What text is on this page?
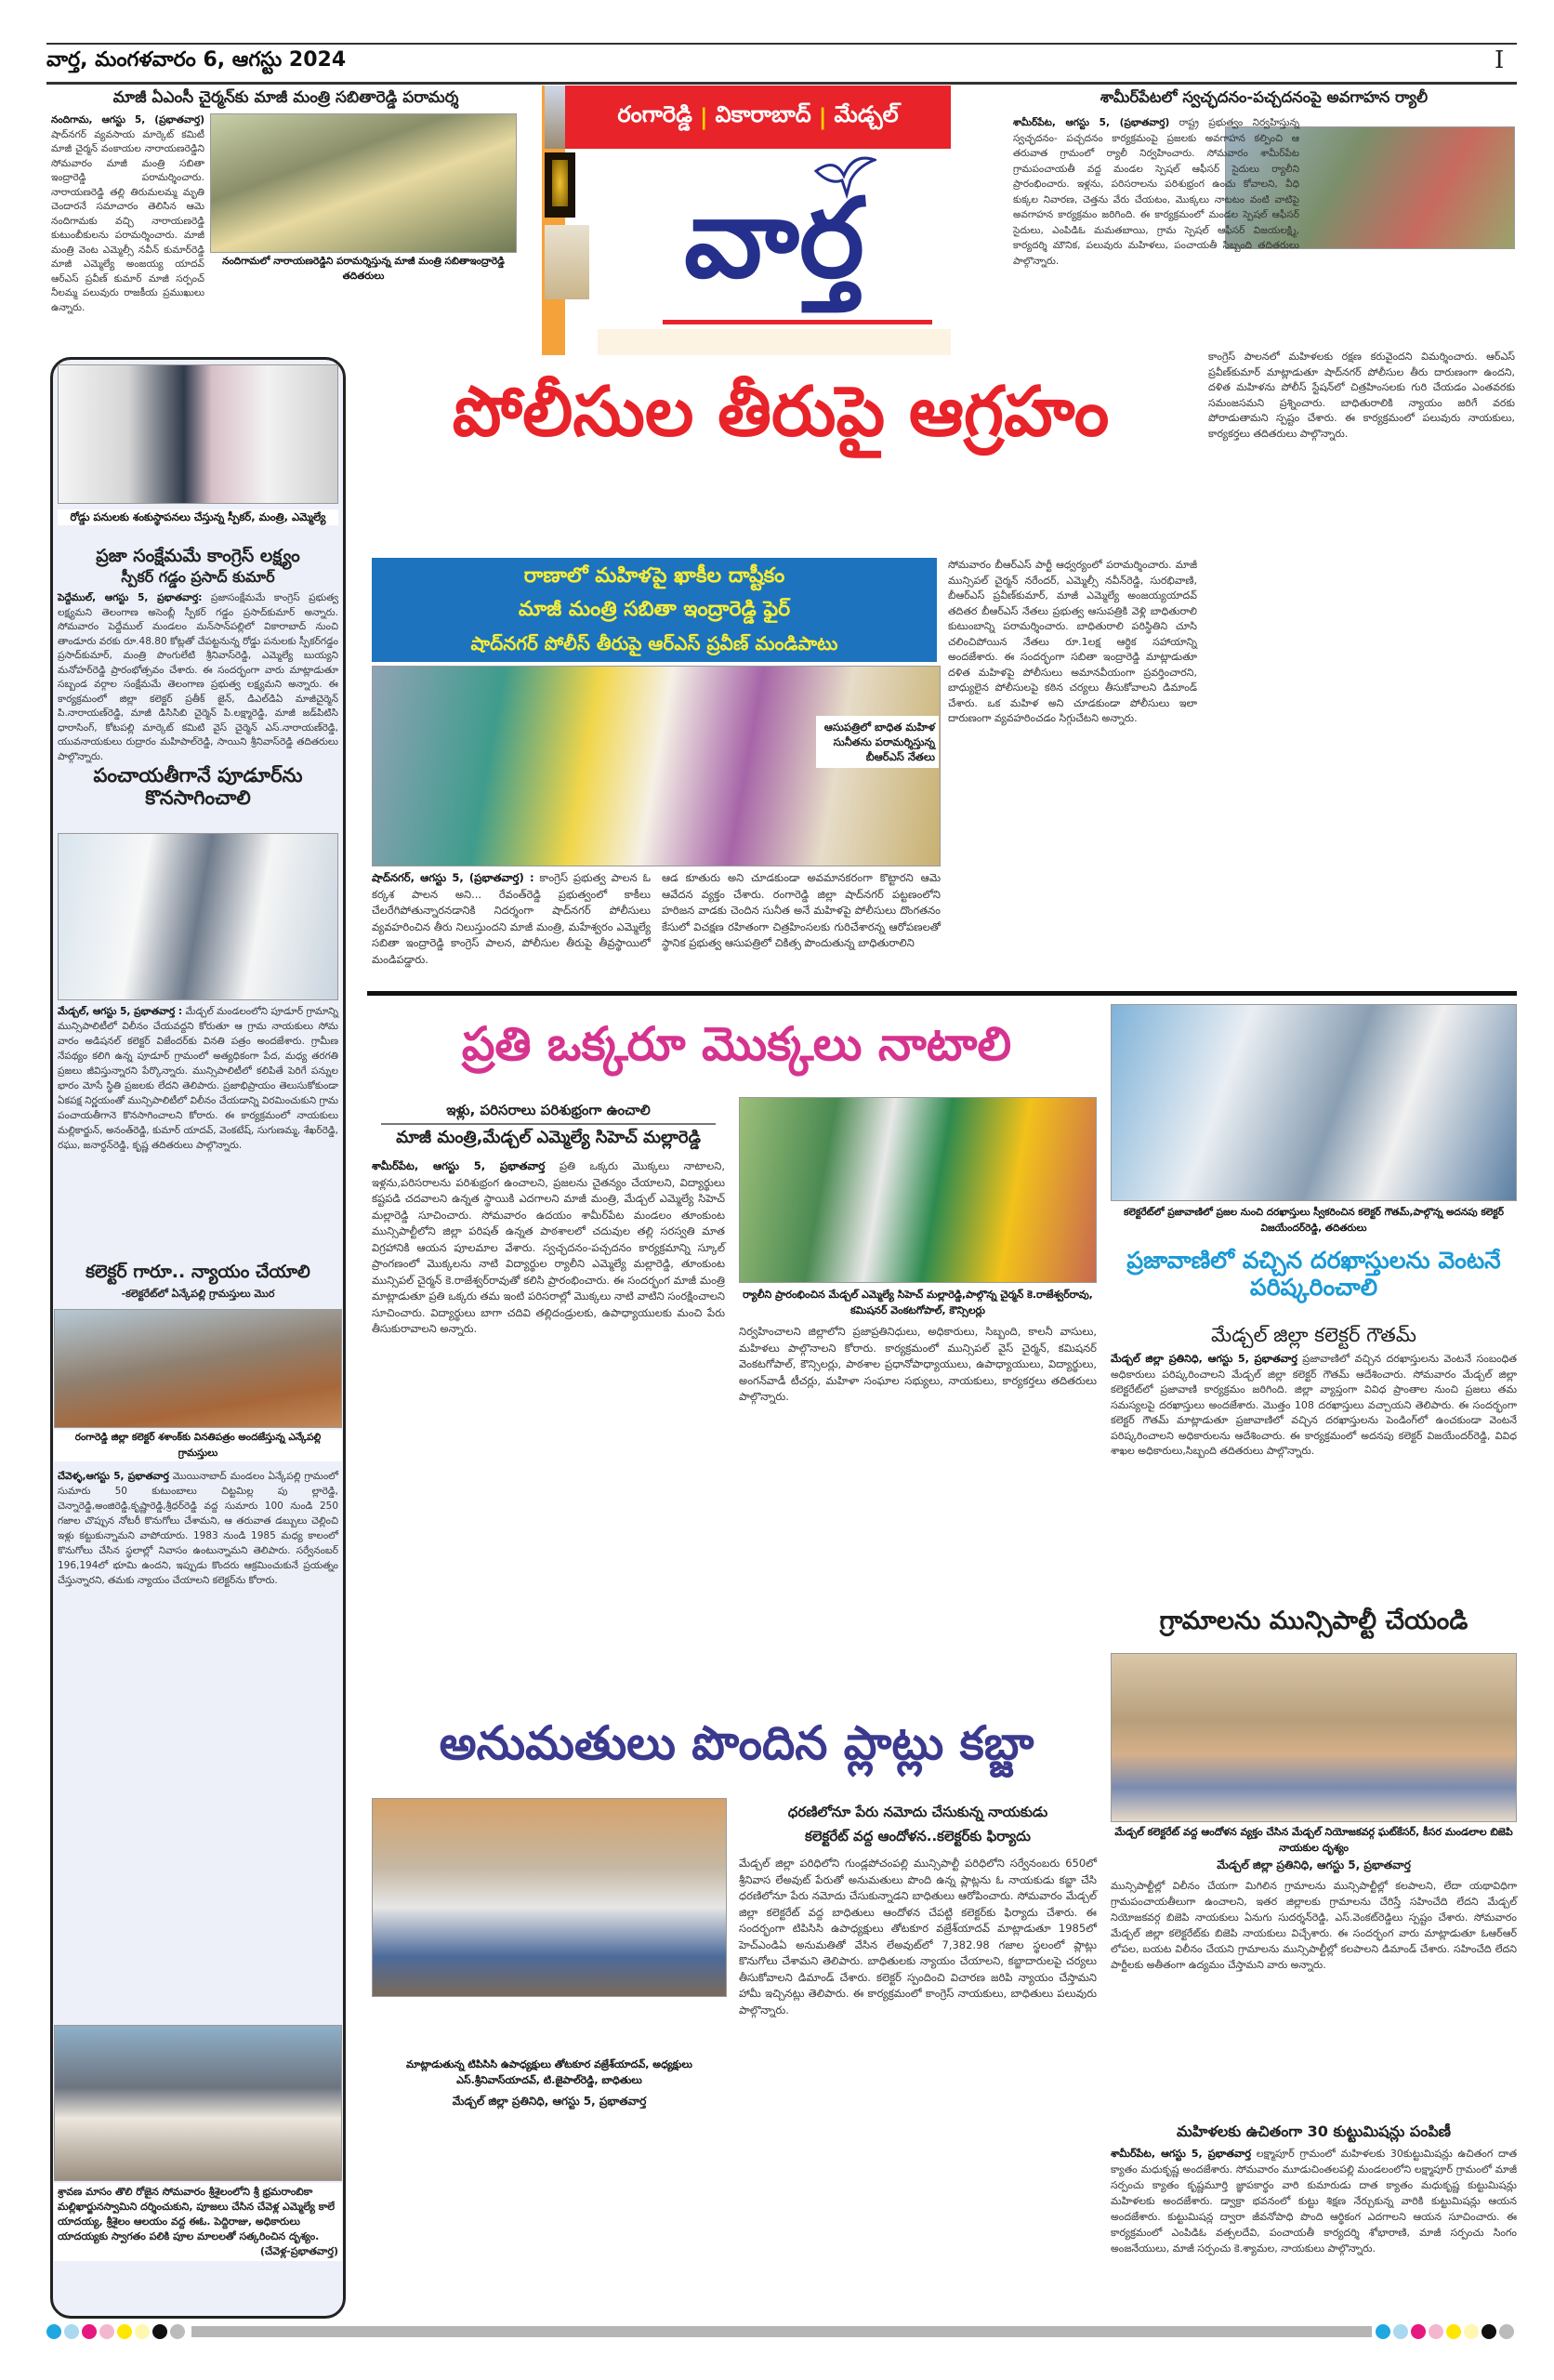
వార్త, మంగళవారం 6, ఆగస్టు 2024	I
మాజీ ఏఎంసీ చైర్మన్‌కు మాజీ మంత్రి సబితారెడ్డి పరామర్శ
నందిగామలో నారాయణరెడ్డిని పరామర్శిస్తున్న మాజీ మంత్రి సబితాఇంద్రారెడ్డి తదితరులు
నందిగామ, ఆగస్టు 5, (ప్రభాతవార్త) షాద్‌నగర్ వ్యవసాయ మార్కెట్ కమిటీ మాజీ చైర్మన్ వంకాయల నారాయణరెడ్డిని సోమవారం మాజీ మంత్రి సబితా ఇంద్రారెడ్డి పరామర్శించారు. నారాయణరెడ్డి తల్లి తిరుమలమ్మ మృతి చెందారనే సమాచారం తెలిసిన ఆమె నందిగామకు వచ్చి నారాయణరెడ్డి కుటుంబీకులను పరామర్శించారు. మాజీ మంత్రి వెంట ఎమ్మెల్సీ నవీన్ కుమార్‌రెడ్డి మాజీ ఎమ్మెల్యే అంజయ్య యాదవ్ ఆర్‌ఎస్ ప్రవీణ్ కుమార్ మాజీ సర్పంచ్ నీలమ్మ పలువురు రాజకీయ ప్రముఖులు ఉన్నారు.
రంగారెడ్డి | వికారాబాద్ | మేడ్చల్
వార్త
శామీర్‌పేటలో స్వచ్ఛదనం-పచ్చదనంపై అవగాహన ర్యాలీ
శామీర్‌పేట, ఆగస్టు 5, (ప్రభాతవార్త) రాష్ట్ర ప్రభుత్వం నిర్వహిస్తున్న స్వచ్ఛదనం- పచ్చదనం కార్యక్రమంపై ప్రజలకు అవగాహన కల్పించి ఆ తరువాత గ్రామంలో ర్యాలీ నిర్వహించారు. సోమవారం శామీర్‌పేట గ్రామపంచాయతీ వద్ద మండల స్పెషల్ ఆఫీసర్ సైదులు ర్యాలీని ప్రారంభించారు. ఇళ్లను, పరిసరాలను పరిశుభ్రంగ ఉంచు కోవాలని, వీధి కుక్కల నివారణ, చెత్తను వేరు చేయటం, మొక్కలు నాటటం వంటి వాటిపై అవగాహన కార్యక్రమం జరిగింది. ఈ కార్యక్రమంలో మండల స్పెషల్ ఆఫీసర్ సైదులు, ఎంపిడిఓ మమతబాయి, గ్రామ స్పెషల్ ఆఫీసర్ విజయలక్ష్మి, కార్యదర్శి మౌనిక, పలువురు మహిళలు, పంచాయతీ సిబ్బంది తదితరులు పాల్గొన్నారు.
రోడ్డు పనులకు శంకుస్థాపనలు చేస్తున్న స్పీకర్, మంత్రి, ఎమ్మెల్యే
ప్రజా సంక్షేమమే కాంగ్రెస్ లక్ష్యం
స్పీకర్ గడ్డం ప్రసాద్ కుమార్
పెద్దేముల్, ఆగస్టు 5, ప్రభాతవార్త: ప్రజాసంక్షేమమే కాంగ్రెస్ ప్రభుత్వ లక్ష్యమని తెలంగాణ అసెంబ్లీ స్పీకర్ గడ్డం ప్రసాద్‌కుమార్ అన్నారు. సోమవారం పెద్దేముల్ మండలం మన్‌సాన్‌పల్లిలో వికారాబాద్ నుంచి తాండూరు వరకు రూ.48.80 కోట్లతో చేపట్టనున్న రోడ్డు పనులకు స్పీకర్‌గడ్డం ప్రసాద్‌కుమార్, మంత్రి పొంగులేటి శ్రీనివాస్‌రెడ్డి, ఎమ్మెల్యే బుయ్యని మనోహర్‌రెడ్డి ప్రారంభోత్సవం చేశారు. ఈ సందర్భంగా వారు మాట్లాడుతూ సబ్బండ వర్గాల సంక్షేమమే తెలంగాణ ప్రభుత్వ లక్ష్యమని అన్నారు. ఈ కార్యక్రమంలో జిల్లా కలెక్టర్ ప్రతీక్ జైన్, డిఎల్‌డిఏ మాజీచైర్మెన్ పి.నారాయణ్‌రెడ్డి, మాజీ డిసిసిబి చైర్మెన్ పి.లక్ష్మారెడ్డి, మాజీ జడ్‌పిటిసి ధారాసింగ్, కోటపల్లి మార్కెట్ కమిటి వైస్ చైర్మెన్ ఎస్.నారాయణ్‌రెడ్డి, యువనాయకులు రుద్రారం మహిపాల్‌రెడ్డి, సాయిని శ్రీనివాస్‌రెడ్డి తదితరులు పాల్గొన్నారు.
పంచాయతీగానే పూడూర్‌ను కొనసాగించాలి
మేడ్చల్, ఆగస్టు 5, ప్రభాతవార్త : మేడ్చల్ మండలంలోని పూడూర్ గ్రామాన్ని మున్సిపాలిటీలో విలీనం చేయవద్దని కోరుతూ ఆ గ్రామ నాయకులు సోమ వారం అడిషనల్ కలెక్టర్ విజేందర్‌కు వినతి పత్రం అందజేశారు. గ్రామీణ నేపథ్యం కలిగి ఉన్న పూడూర్ గ్రామంలో అత్యధికంగా పేద, మధ్య తరగతి ప్రజలు జీవిస్తున్నారని పేర్కొన్నారు. మున్సిపాలిటీలో కలిపితే పెరిగే పన్నుల భారం మోసే స్థితి ప్రజలకు లేదని తెలిపారు. ప్రజాభిప్రాయం తెలుసుకోకుండా ఏకపక్ష నిర్ణయంతో మున్సిపాలిటీలో విలీనం చేయడాన్ని విరమించుకుని గ్రామ పంచాయతీగానె కొనసాగించాలని కోరారు. ఈ కార్యక్రమంలో నాయకులు మల్లికార్జున్, అనంత్‌రెడ్డి, కుమార్ యాదవ్, వెంకటేష్, సుగుణమ్మ, శేఖర్‌రెడ్డి, రఘు, జనార్ధన్‌రెడ్డి, కృష్ణ తదితరులు పాల్గొన్నారు.
కలెక్టర్ గారూ.. న్యాయం చేయాలి
-కలెక్టరేట్‌లో ఏన్కేపల్లి గ్రామస్తులు మొర
రంగారెడ్డి జిల్లా కలెక్టర్ శశాంక్‌కు వినతిపత్రం అందజేస్తున్న ఎన్కేపల్లి గ్రామస్తులు
చేవెళ్ళ,ఆగస్టు 5, ప్రభాతవార్త మొయినాబాద్ మండలం ఏన్కేపల్లి గ్రామంలో సుమారు 50 కుటుంబాలు చిట్టమిల్ల పు ల్లారెడ్డి, చెన్నారెడ్డి,అంజిరెడ్డి,కృష్ణారెడ్డి,శ్రీధర్‌రెడ్డి వద్ద సుమారు 100 నుండి 250 గజాల చొప్పున నోటరీ కొనుగోలు చేశామని, ఆ తరువాత డబ్బులు చెల్లించి ఇళ్లు కట్టుకున్నామని వాపోయారు. 1983 నుండి 1985 మధ్య కాలంలో కొనుగోలు చేసిన స్థలాల్లో నివాసం ఉంటున్నామని తెలిపారు. సర్వేనంబర్ 196,194లో భూమి ఉందని, ఇప్పుడు కొందరు ఆక్రమించుకునే ప్రయత్నం చేస్తున్నారని, తమకు న్యాయం చేయాలని కలెక్టర్‌ను కోరారు.
శ్రావణ మాసం తొలి రోజైన సోమవారం శ్రీశైలంలోని శ్రీ భ్రమరాంబికా మల్లిఖార్జునస్వామిని దర్శించుకుని, పూజలు చేసిన చేవెళ్ల ఎమ్మెల్యే కాలే యాదయ్య, శ్రీశైలం ఆలయం వద్ద ఈఓ. పెద్దిరాజు, అధికారులు యాదయ్యకు స్వాగతం పలికి పూల మాలలతో సత్కరించిన దృశ్యం.
(చేవెళ్ల-ప్రభాతవార్త)
పోలీసుల తీరుపై ఆగ్రహం
రాణాలో మహిళపై ఖాకీల దాష్టీకం
మాజీ మంత్రి సబితా ఇంద్రారెడ్డి ఫైర్
షాద్‌నగర్ పోలీస్ తీరుపై ఆర్‌ఎస్ ప్రవీణ్ మండిపాటు
ఆసుపత్రిలో బాధిత మహిళ సునీతను పరామర్శిస్తున్న బీఆర్‌ఎస్ నేతలు
షాద్‌నగర్, ఆగస్టు 5, (ప్రభాతవార్త) : కాంగ్రెస్ ప్రభుత్వ పాలన ఓ కర్కశ పాలన అని... రేవంత్‌రెడ్డి ప్రభుత్వంలో కాకీలు చేలరేగిపోతున్నారనడానికి నిదర్శంగా షాద్‌నగర్ పోలీసులు వ్యవహరించిన తీరు నిలుస్తుందని మాజీ మంత్రి, మహేశ్వరం ఎమ్మెల్యే సబితా ఇంద్రారెడ్డి కాంగ్రెస్ పాలన, పోలీసుల తీరుపై తీవ్రస్థాయిలో మండిపడ్డారు.
ఆడ కూతురు అని చూడకుండా అవమానకరంగా కొట్టారని ఆమె ఆవేదన వ్యక్తం చేశారు. రంగారెడ్డి జిల్లా షాద్‌నగర్ పట్టణంలోని హరిజన వాడకు చెందిన సునీత అనే మహిళపై పోలీసులు దొంగతనం కేసులో విచక్షణ రహితంగా చిత్రహింసలకు గురిచేశారన్న ఆరోపణలతో స్థానిక ప్రభుత్వ ఆసుపత్రిలో చికిత్స పొందుతున్న బాధితురాలిని
సోమవారం బీఆర్‌ఎస్ పార్టీ ఆధ్వర్యంలో పరామర్శించారు. మాజీ మున్సిపల్ చైర్మన్ నరేందర్, ఎమ్మెల్సీ నవీన్‌రెడ్డి, సురభివాణి, బీఆర్‌ఎస్ ప్రవీణ్‌కుమార్, మాజీ ఎమ్మెల్యే అంజయ్యయాదవ్ తదితర బీఆర్‌ఎస్ నేతలు ప్రభుత్వ ఆసుపత్రికి వెళ్లి బాధితురాలి కుటుంబాన్ని పరామర్శించారు. బాధితురాలి పరిస్థితిని చూసి చలించిపోయిన నేతలు రూ.1లక్ష ఆర్థిక సహాయాన్ని అందజేశారు. ఈ సందర్భంగా సబితా ఇంద్రారెడ్డి మాట్లాడుతూ దళిత మహిళపై పోలీసులు అమానవీయంగా ప్రవర్తించారని, బాధ్యులైన పోలీసులపై కఠిన చర్యలు తీసుకోవాలని డిమాండ్ చేశారు. ఒక మహిళ అని చూడకుండా పోలీసులు ఇలా దారుణంగా వ్యవహరించడం సిగ్గుచేటని అన్నారు.
కాంగ్రెస్ పాలనలో మహిళలకు రక్షణ కరువైందని విమర్శించారు. ఆర్‌ఎస్ ప్రవీణ్‌కుమార్ మాట్లాడుతూ షాద్‌నగర్ పోలీసుల తీరు దారుణంగా ఉందని, దళిత మహిళను పోలీస్ స్టేషన్‌లో చిత్రహింసలకు గురి చేయడం ఎంతవరకు సమంజసమని ప్రశ్నించారు. బాధితురాలికి న్యాయం జరిగే వరకు పోరాడుతామని స్పష్టం చేశారు. ఈ కార్యక్రమంలో పలువురు నాయకులు, కార్యకర్తలు తదితరులు పాల్గొన్నారు.
ప్రతి ఒక్కరూ మొక్కలు నాటాలి
ఇళ్లు, పరిసరాలు పరిశుభ్రంగా ఉంచాలి
మాజీ మంత్రి,మేడ్చల్ ఎమ్మెల్యే సిహెచ్ మల్లారెడ్డి
శామీర్‌పేట, ఆగస్టు 5, ప్రభాతవార్త ప్రతి ఒక్కరు మొక్కలు నాటాలని, ఇళ్లను,పరిసరాలను పరిశుభ్రంగ ఉంచాలని, ప్రజలను చైతన్యం చేయాలని, విద్యార్థులు కష్టపడి చదవాలని ఉన్నత స్థాయికి ఎదగాలని మాజీ మంత్రి, మేడ్చల్ ఎమ్మెల్యే సిహెచ్ మల్లారెడ్డి సూచించారు. సోమవారం ఉదయం శామీర్‌పేట మండలం తూంకుంట మున్సిపాల్టీలోని జిల్లా పరిషత్ ఉన్నత పాఠశాలలో చదువుల తల్లి సరస్వతి మాత విగ్రహానికి ఆయన పూలమాల వేశారు. స్వచ్ఛదనం-పచ్చదనం కార్యక్రమాన్ని స్కూల్ ప్రాంగణంలో మొక్కలను నాటి విద్యార్థుల ర్యాలీని ఎమ్మెల్యే మల్లారెడ్డి, తూంకుంట మున్సిపల్ చైర్మన్ కె.రాజేశ్వర్‌రావుతో కలిసి ప్రారంభించారు. ఈ సందర్భంగ మాజీ మంత్రి మాట్లాడుతూ ప్రతి ఒక్కరు తమ ఇంటి పరిసరాల్లో మొక్కలు నాటి వాటిని సంరక్షించాలని సూచించారు. విద్యార్థులు బాగా చదివి తల్లిదండ్రులకు, ఉపాధ్యాయులకు మంచి పేరు తీసుకురావాలని అన్నారు.
ర్యాలీని ప్రారంభించిన మేడ్చల్ ఎమ్మెల్యే సిహెచ్ మల్లారెడ్డి,పాల్గొన్న చైర్మన్ కె.రాజేశ్వర్‌రావు, కమిషనర్ వెంకటగోపాల్, కౌన్సిలర్లు
నిర్వహించాలని జిల్లాలోని ప్రజాప్రతినిధులు, అధికారులు, సిబ్బంది, కాలనీ వాసులు, మహిళలు పాల్గొనాలని కోరారు. కార్యక్రమంలో మున్సిపల్ వైస్ చైర్మన్, కమిషనర్ వెంకటగోపాల్, కౌన్సిలర్లు, పాఠశాల ప్రధానోపాధ్యాయులు, ఉపాధ్యాయులు, విద్యార్థులు, అంగన్‌వాడీ టీచర్లు, మహిళా సంఘాల సభ్యులు, నాయకులు, కార్యకర్తలు తదితరులు పాల్గొన్నారు.
కలెక్టరేట్‌లో ప్రజావాణిలో ప్రజల నుంచి దరఖాస్తులు స్వీకరించిన కలెక్టర్ గౌతమ్,పాల్గొన్న అదనపు కలెక్టర్ విజయేందర్‌రెడ్డి, తదితరులు
ప్రజావాణిలో వచ్చిన దరఖాస్తులను వెంటనే పరిష్కరించాలి
మేడ్చల్ జిల్లా కలెక్టర్ గౌతమ్
మేడ్చల్ జిల్లా ప్రతినిధి, ఆగస్టు 5, ప్రభాతవార్త ప్రజావాణిలో వచ్చిన దరఖాస్తులను వెంటనే సంబంధిత అధికారులు పరిష్కరించాలని మేడ్చల్ జిల్లా కలెక్టర్ గౌతమ్ ఆదేశించారు. సోమవారం మేడ్చల్ జిల్లా కలెక్టరేట్‌లో ప్రజావాణి కార్యక్రమం జరిగింది. జిల్లా వ్యాప్తంగా వివిధ ప్రాంతాల నుంచి ప్రజలు తమ సమస్యలపై దరఖాస్తులు అందజేశారు. మొత్తం 108 దరఖాస్తులు వచ్చాయని తెలిపారు. ఈ సందర్భంగా కలెక్టర్ గౌతమ్ మాట్లాడుతూ ప్రజావాణిలో వచ్చిన దరఖాస్తులను పెండింగ్‌లో ఉంచకుండా వెంటనే పరిష్కరించాలని అధికారులను ఆదేశించారు. ఈ కార్యక్రమంలో అదనపు కలెక్టర్ విజయేందర్‌రెడ్డి, వివిధ శాఖల అధికారులు,సిబ్బంది తదితరులు పాల్గొన్నారు.
గ్రామాలను మున్సిపాల్టీ చేయండి
మేడ్చల్ కలెక్టరేట్ వద్ద ఆందోళన వ్యక్తం చేసిన మేడ్చల్ నియోజకవర్గ ఘట్‌కేసర్, కీసర మండలాల బిజెపి నాయకుల దృశ్యం
మేడ్చల్ జిల్లా ప్రతినిధి, ఆగస్టు 5, ప్రభాతవార్త
మున్సిపాల్టీల్లో విలీనం చేయగా మిగిలిన గ్రామాలను మున్సిపాల్టీల్లో కలపాలని, లేదా యథావిధిగా గ్రామపంచాయతీలుగా ఉంచాలని, ఇతర జిల్లాలకు గ్రామాలను చేరిస్తే సహించేది లేదని మేడ్చల్ నియోజకవర్గ బిజెపి నాయకులు ఏనుగు సుదర్శన్‌రెడ్డి, ఎస్.వెంకట్‌రెడ్డిలు స్పష్టం చేశారు. సోమవారం మేడ్చల్ జిల్లా కలెక్టరేట్‌కు బిజెపి నాయకులు విచ్చేశారు. ఈ సందర్భంగ వారు మాట్లాడుతూ ఓఆర్‌ఆర్ లోపల, బయట విలీనం చేయని గ్రామాలను మున్సిపాల్టీల్లో కలపాలని డిమాండ్ చేశారు. సహించేది లేదని పార్టీలకు అతీతంగా ఉద్యమం చేస్తామని వారు అన్నారు.
మహిళలకు ఉచితంగా 30 కుట్టుమిషన్లు పంపిణీ
శామీర్‌పేట, ఆగస్టు 5, ప్రభాతవార్త లక్ష్మాపూర్ గ్రామంలో మహిళలకు 30కుట్టుమిషన్లు ఉచితంగ దాత క్యాతం మధుకృష్ణ అందజేశారు. సోమవారం మూడుచింతలపల్లి మండలంలోని లక్ష్మాపూర్ గ్రామంలో మాజీ సర్పంచు క్యాతం కృష్ణమూర్తి జ్ఞాపకార్థం వారి కుమారుడు దాత క్యాతం మధుకృష్ణ కుట్టుమిషన్లు మహిళలకు అందజేశారు. డ్వాక్రా భవనంలో కుట్టు శిక్షణ నేర్చుకున్న వారికి కుట్టుమిషన్లు ఆయన అందజేశారు. కుట్టుమిషన్ల ద్వారా జీవనోపాధి పొంది ఆర్థికంగ ఎదగాలని ఆయన సూచించారు. ఈ కార్యక్రమంలో ఎంపిడిఓ వత్సలదేవి, పంచాయతీ కార్యదర్శి శోభారాణి, మాజీ సర్పంచు సింగం అంజనేయులు, మాజీ సర్పంచు కె.శ్యామల, నాయకులు పాల్గొన్నారు.
అనుమతులు పొందిన ప్లాట్లు కబ్జా
మాట్లాడుతున్న టిపిసిసి ఉపాధ్యక్షులు తోటకూర వజ్రేశ్‌యాదవ్, అధ్యక్షులు ఎస్.శ్రీనివాస్‌యాదవ్, టి.జైపాల్‌రెడ్డి, బాధితులు
మేడ్చల్ జిల్లా ప్రతినిధి, ఆగస్టు 5, ప్రభాతవార్త
ధరణిలోనూ పేరు నమోదు చేసుకున్న నాయకుడు
కలెక్టరేట్ వద్ద ఆందోళన..కలెక్టర్‌కు ఫిర్యాదు
మేడ్చల్ జిల్లా పరిధిలోని గుండ్లపోచంపల్లి మున్సిపాల్టీ పరిధిలోని సర్వేనంబరు 650లో శ్రీనివాస లేఅవుట్ పేరుతో అనుమతులు పొంది ఉన్న ప్లాట్లను ఓ నాయకుడు కబ్జా చేసి ధరణిలోనూ పేరు నమోదు చేసుకున్నాడని బాధితులు ఆరోపించారు. సోమవారం మేడ్చల్ జిల్లా కలెక్టరేట్ వద్ద బాధితులు ఆందోళన చేపట్టి కలెక్టర్‌కు ఫిర్యాదు చేశారు. ఈ సందర్భంగా టిపిసిసి ఉపాధ్యక్షులు తోటకూర వజ్రేశ్‌యాదవ్ మాట్లాడుతూ 1985లో హెచ్‌ఎండిఏ అనుమతితో వేసిన లేఅవుట్‌లో 7,382.98 గజాల స్థలంలో ప్లాట్లు కొనుగోలు చేశామని తెలిపారు. బాధితులకు న్యాయం చేయాలని, కబ్జాదారులపై చర్యలు తీసుకోవాలని డిమాండ్ చేశారు. కలెక్టర్ స్పందించి విచారణ జరిపి న్యాయం చేస్తామని హామీ ఇచ్చినట్లు తెలిపారు. ఈ కార్యక్రమంలో కాంగ్రెస్ నాయకులు, బాధితులు పలువురు పాల్గొన్నారు.
